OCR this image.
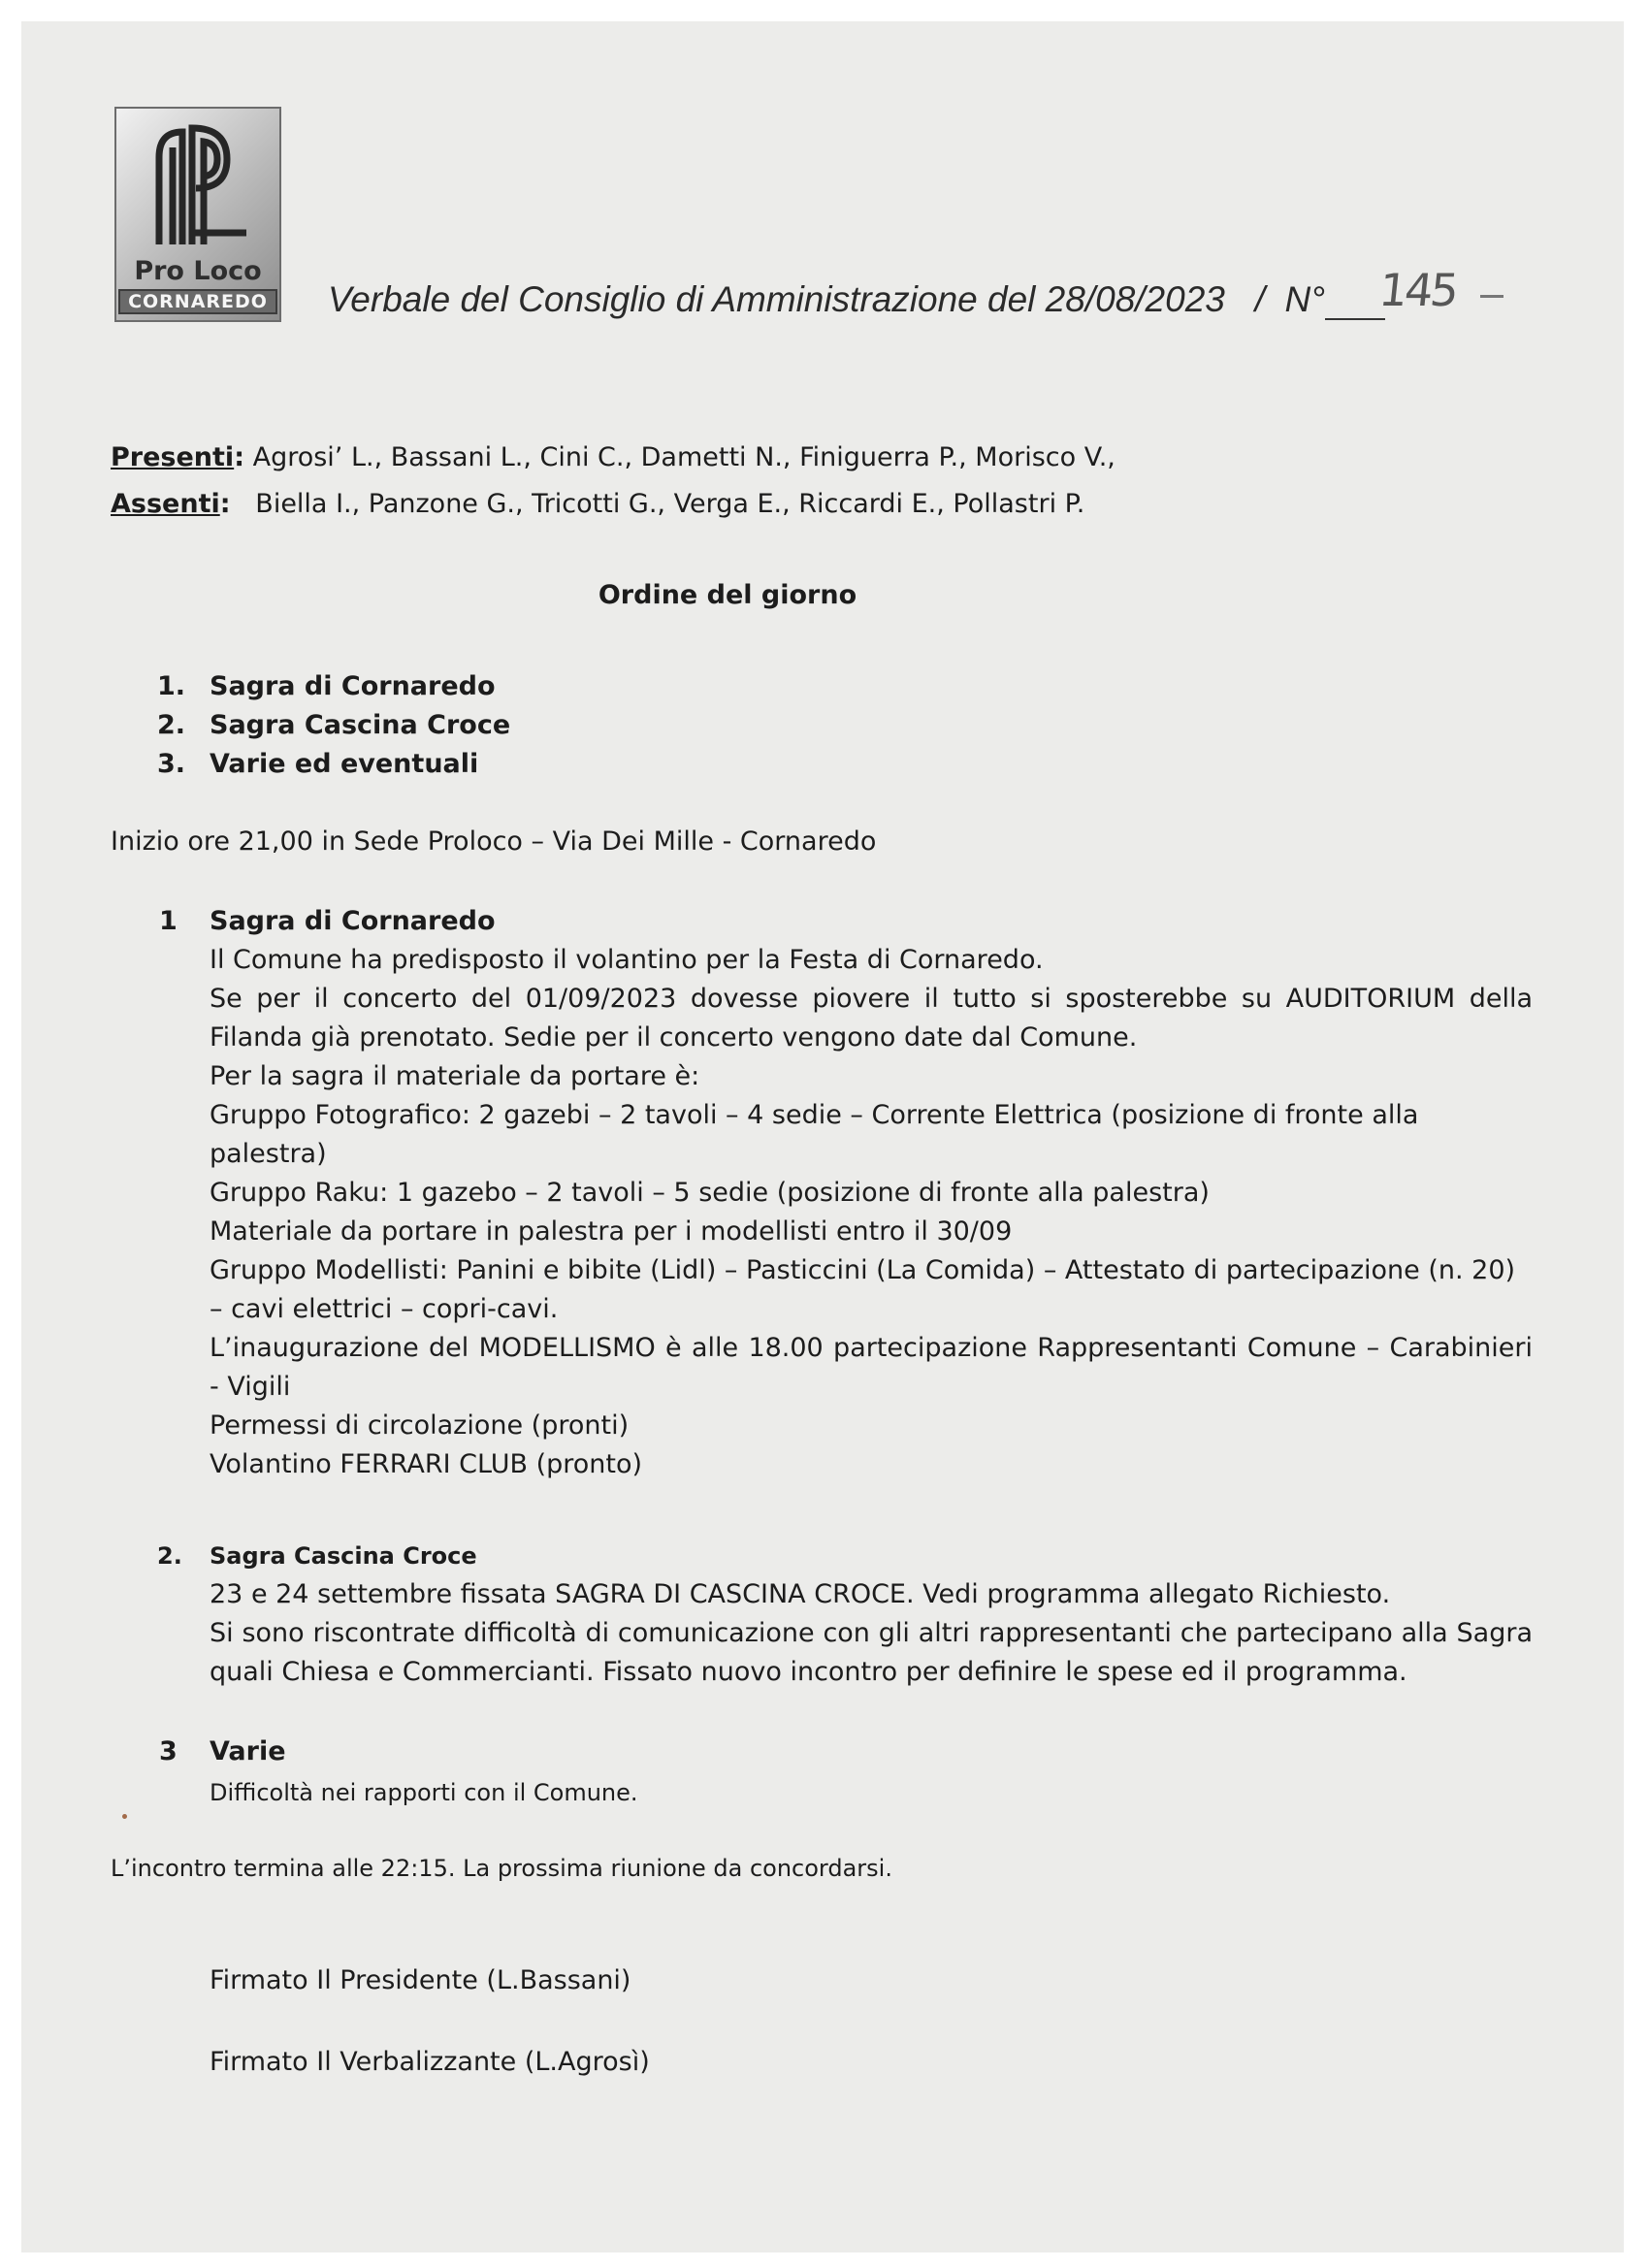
Pro Loco
CORNAREDO Verbale del Consiglio di Amministrazione del 28/08/2023 / N°	145
Presenti: Agrosi’ L., Bassani L., Cini C., Dametti N., Finiguerra P., Morisco V.,
Assenti: Biella I., Panzone G., Tricotti G., Verga E., Riccardi E., Pollastri P.
Ordine del giorno
1. Sagra di Cornaredo
2. Sagra Cascina Croce
3. Varie ed eventuali
Inizio ore 21,00 in Sede Proloco – Via Dei Mille - Cornaredo
1 Sagra di Cornaredo
Il Comune ha predisposto il volantino per la Festa di Cornaredo.
Se per il concerto del 01/09/2023 dovesse piovere il tutto si sposterebbe su AUDITORIUM della
Filanda già prenotato. Sedie per il concerto vengono date dal Comune.
Per la sagra il materiale da portare è:
Gruppo Fotografico: 2 gazebi – 2 tavoli – 4 sedie – Corrente Elettrica (posizione di fronte alla palestra)
Gruppo Raku: 1 gazebo – 2 tavoli – 5 sedie (posizione di fronte alla palestra)
Materiale da portare in palestra per i modellisti entro il 30/09
Gruppo Modellisti: Panini e bibite (Lidl) – Pasticcini (La Comida) – Attestato di partecipazione (n. 20)
– cavi elettrici – copri-cavi.
L’inaugurazione del MODELLISMO è alle 18.00 partecipazione Rappresentanti Comune – Carabinieri
- Vigili
Permessi di circolazione (pronti)
Volantino FERRARI CLUB (pronto)
2. Sagra Cascina Croce
23 e 24 settembre fissata SAGRA DI CASCINA CROCE. Vedi programma allegato Richiesto.
Si sono riscontrate difficoltà di comunicazione con gli altri rappresentanti che partecipano alla Sagra
quali Chiesa e Commercianti. Fissato nuovo incontro per definire le spese ed il programma.
3 Varie
Difficoltà nei rapporti con il Comune.
L’incontro termina alle 22:15. La prossima riunione da concordarsi.
Firmato Il Presidente (L.Bassani)
Firmato Il Verbalizzante (L.Agrosì)
